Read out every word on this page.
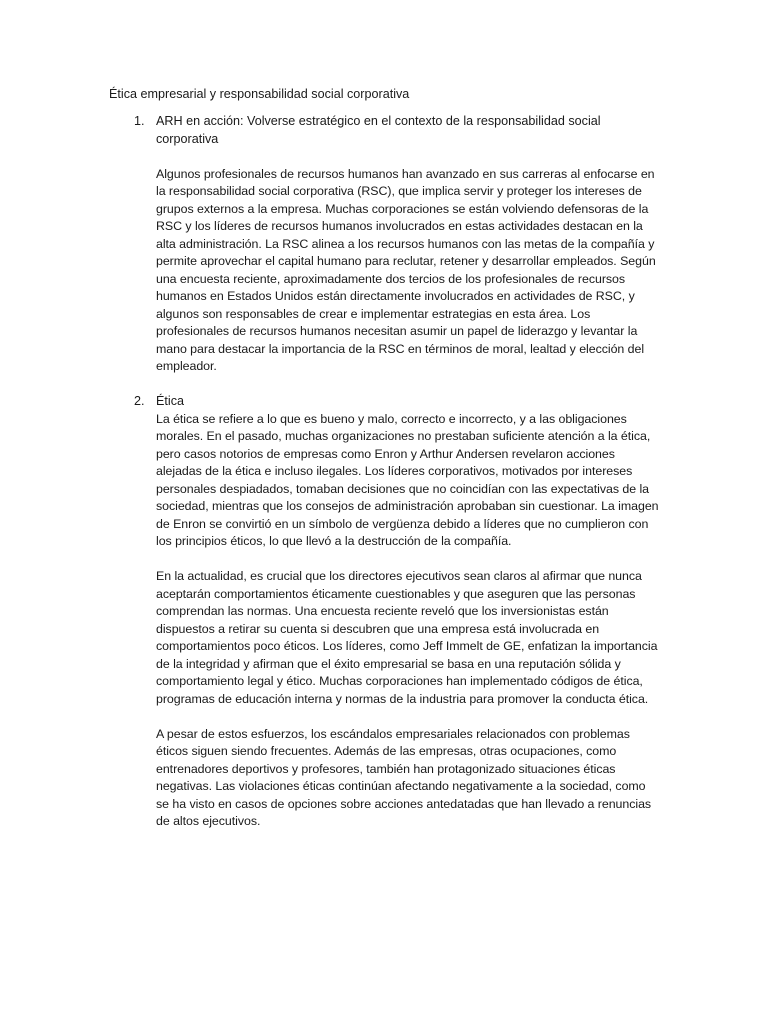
Ética empresarial y responsabilidad social corporativa
1. ARH en acción: Volverse estratégico en el contexto de la responsabilidad social corporativa

Algunos profesionales de recursos humanos han avanzado en sus carreras al enfocarse en la responsabilidad social corporativa (RSC), que implica servir y proteger los intereses de grupos externos a la empresa. Muchas corporaciones se están volviendo defensoras de la RSC y los líderes de recursos humanos involucrados en estas actividades destacan en la alta administración. La RSC alinea a los recursos humanos con las metas de la compañía y permite aprovechar el capital humano para reclutar, retener y desarrollar empleados. Según una encuesta reciente, aproximadamente dos tercios de los profesionales de recursos humanos en Estados Unidos están directamente involucrados en actividades de RSC, y algunos son responsables de crear e implementar estrategias en esta área. Los profesionales de recursos humanos necesitan asumir un papel de liderazgo y levantar la mano para destacar la importancia de la RSC en términos de moral, lealtad y elección del empleador.

2. Ética

La ética se refiere a lo que es bueno y malo, correcto e incorrecto, y a las obligaciones morales. En el pasado, muchas organizaciones no prestaban suficiente atención a la ética, pero casos notorios de empresas como Enron y Arthur Andersen revelaron acciones alejadas de la ética e incluso ilegales. Los líderes corporativos, motivados por intereses personales despiadados, tomaban decisiones que no coincidían con las expectativas de la sociedad, mientras que los consejos de administración aprobaban sin cuestionar. La imagen de Enron se convirtió en un símbolo de vergüenza debido a líderes que no cumplieron con los principios éticos, lo que llevó a la destrucción de la compañía.

En la actualidad, es crucial que los directores ejecutivos sean claros al afirmar que nunca aceptarán comportamientos éticamente cuestionables y que aseguren que las personas comprendan las normas. Una encuesta reciente reveló que los inversionistas están dispuestos a retirar su cuenta si descubren que una empresa está involucrada en comportamientos poco éticos. Los líderes, como Jeff Immelt de GE, enfatizan la importancia de la integridad y afirman que el éxito empresarial se basa en una reputación sólida y comportamiento legal y ético. Muchas corporaciones han implementado códigos de ética, programas de educación interna y normas de la industria para promover la conducta ética.

A pesar de estos esfuerzos, los escándalos empresariales relacionados con problemas éticos siguen siendo frecuentes. Además de las empresas, otras ocupaciones, como entrenadores deportivos y profesores, también han protagonizado situaciones éticas negativas. Las violaciones éticas continúan afectando negativamente a la sociedad, como se ha visto en casos de opciones sobre acciones antedatadas que han llevado a renuncias de altos ejecutivos.
